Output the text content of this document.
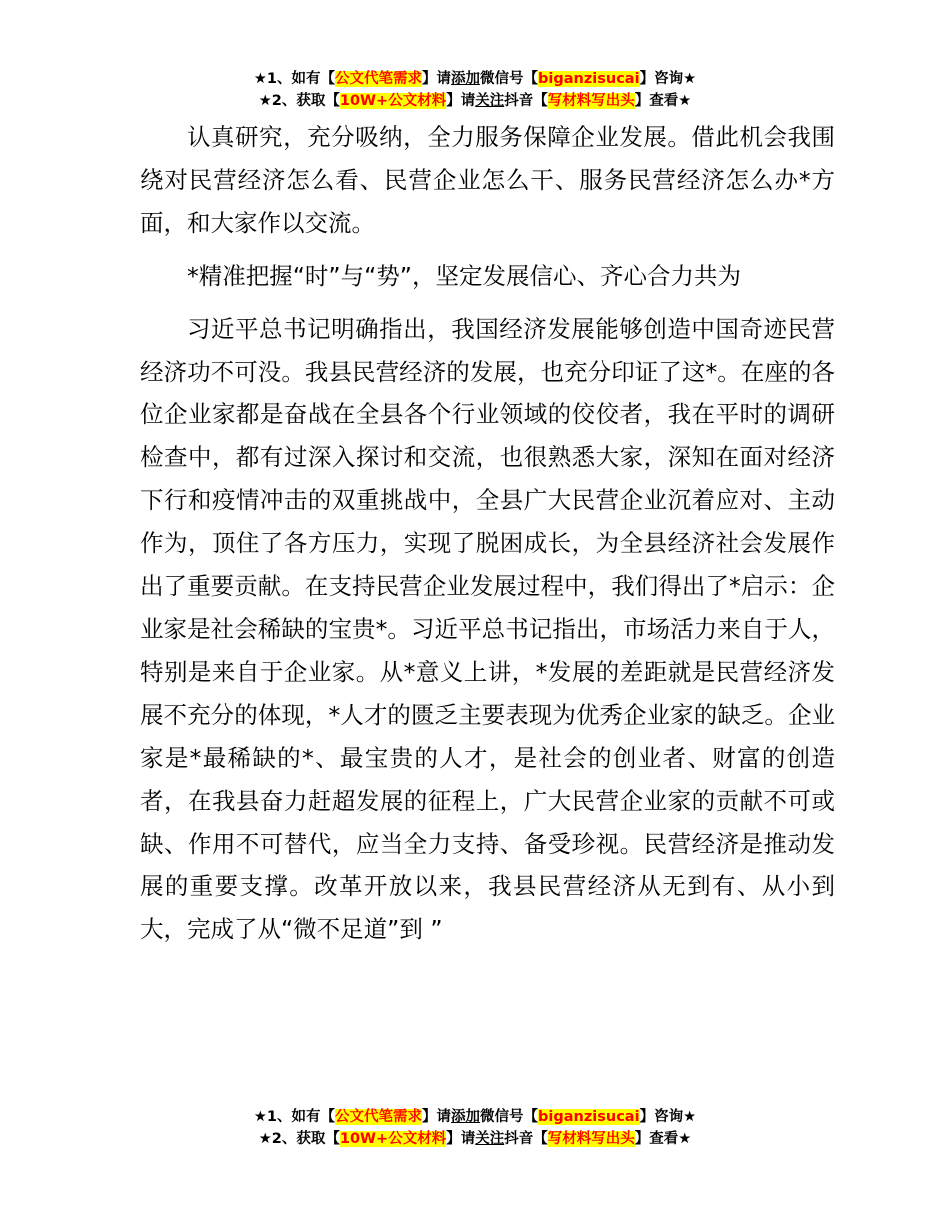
★1、如有【公文代笔需求】请添加微信号【biganzisucai】咨询★
★2、获取【10W+公文材料】请关注抖音【写材料写出头】查看★

认真研究，充分吸纳，全力服务保障企业发展。借此机会我围绕对民营经济怎么看、民营企业怎么干、服务民营经济怎么办*方面，和大家作以交流。

*精准把握“时”与“势”，坚定发展信心、齐心合力共为

习近平总书记明确指出，我国经济发展能够创造中国奇迹民营经济功不可没。我县民营经济的发展，也充分印证了这*。在座的各位企业家都是奋战在全县各个行业领域的佼佼者，我在平时的调研检查中，都有过深入探讨和交流，也很熟悉大家，深知在面对经济下行和疫情冲击的双重挑战中，全县广大民营企业沉着应对、主动作为，顶住了各方压力，实现了脱困成长，为全县经济社会发展作出了重要贡献。在支持民营企业发展过程中，我们得出了*启示：企业家是社会稀缺的宝贵*。习近平总书记指出，市场活力来自于人，特别是来自于企业家。从*意义上讲，*发展的差距就是民营经济发展不充分的体现，*人才的匮乏主要表现为优秀企业家的缺乏。企业家是*最稀缺的*、最宝贵的人才，是社会的创业者、财富的创造者，在我县奋力赶超发展的征程上，广大民营企业家的贡献不可或缺、作用不可替代，应当全力支持、备受珍视。民营经济是推动发展的重要支撑。改革开放以来，我县民营经济从无到有、从小到大，完成了从“微不足道”到 ”

★1、如有【公文代笔需求】请添加微信号【biganzisucai】咨询★
★2、获取【10W+公文材料】请关注抖音【写材料写出头】查看★
